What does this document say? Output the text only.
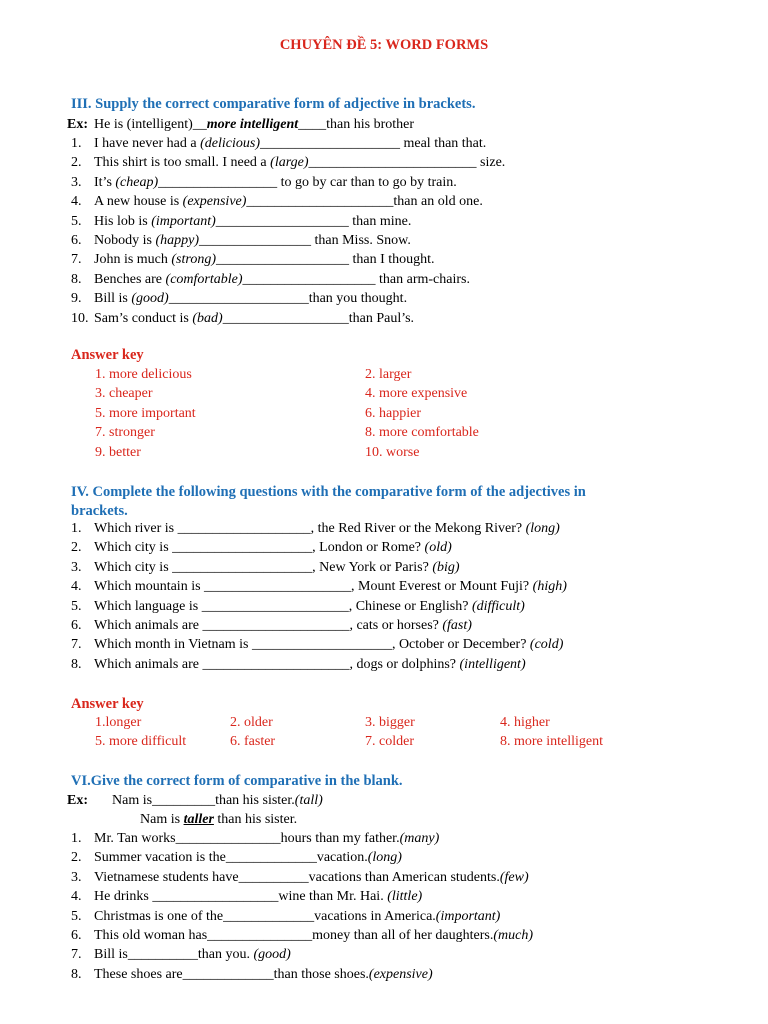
CHUYÊN ĐỀ 5: WORD FORMS
III. Supply the correct comparative form of adjective in brackets.
Ex: He is (intelligent)__more intelligent____than his brother
1. I have never had a (delicious)____________________ meal than that.
2. This shirt is too small. I need a (large)________________________ size.
3. It’s (cheap)_________________ to go by car than to go by train.
4. A new house is (expensive)_____________________than an old one.
5. His lob is (important)___________________ than mine.
6. Nobody is (happy)________________ than Miss. Snow.
7. John is much (strong)___________________ than I thought.
8. Benches are (comfortable)___________________ than arm-chairs.
9. Bill is (good)____________________than you thought.
10. Sam’s conduct is (bad)__________________than Paul’s.
Answer key
1. more delicious	2. larger
3. cheaper	4. more expensive
5. more important	6. happier
7. stronger	8. more comfortable
9. better	10. worse
IV. Complete the following questions with the comparative form of the adjectives in
brackets.
1. Which river is ___________________, the Red River or the Mekong River? (long)
2. Which city is ____________________, London or Rome? (old)
3. Which city is ____________________, New York or Paris? (big)
4. Which mountain is _____________________, Mount Everest or Mount Fuji? (high)
5. Which language is _____________________, Chinese or English? (difficult)
6. Which animals are _____________________, cats or horses? (fast)
7. Which month in Vietnam is ____________________, October or December? (cold)
8. Which animals are _____________________, dogs or dolphins? (intelligent)
Answer key
1.longer	2. older	3. bigger	4. higher
5. more difficult	6. faster	7. colder	8. more intelligent
VI.Give the correct form of comparative in the blank.
Ex: Nam is_________than his sister.(tall)
Nam is taller than his sister.
1. Mr. Tan works_______________hours than my father.(many)
2. Summer vacation is the_____________vacation.(long)
3. Vietnamese students have__________vacations than American students.(few)
4. He drinks __________________wine than Mr. Hai. (little)
5. Christmas is one of the_____________vacations in America.(important)
6. This old woman has_______________money than all of her daughters.(much)
7. Bill is__________than you. (good)
8. These shoes are_____________than those shoes.(expensive)
